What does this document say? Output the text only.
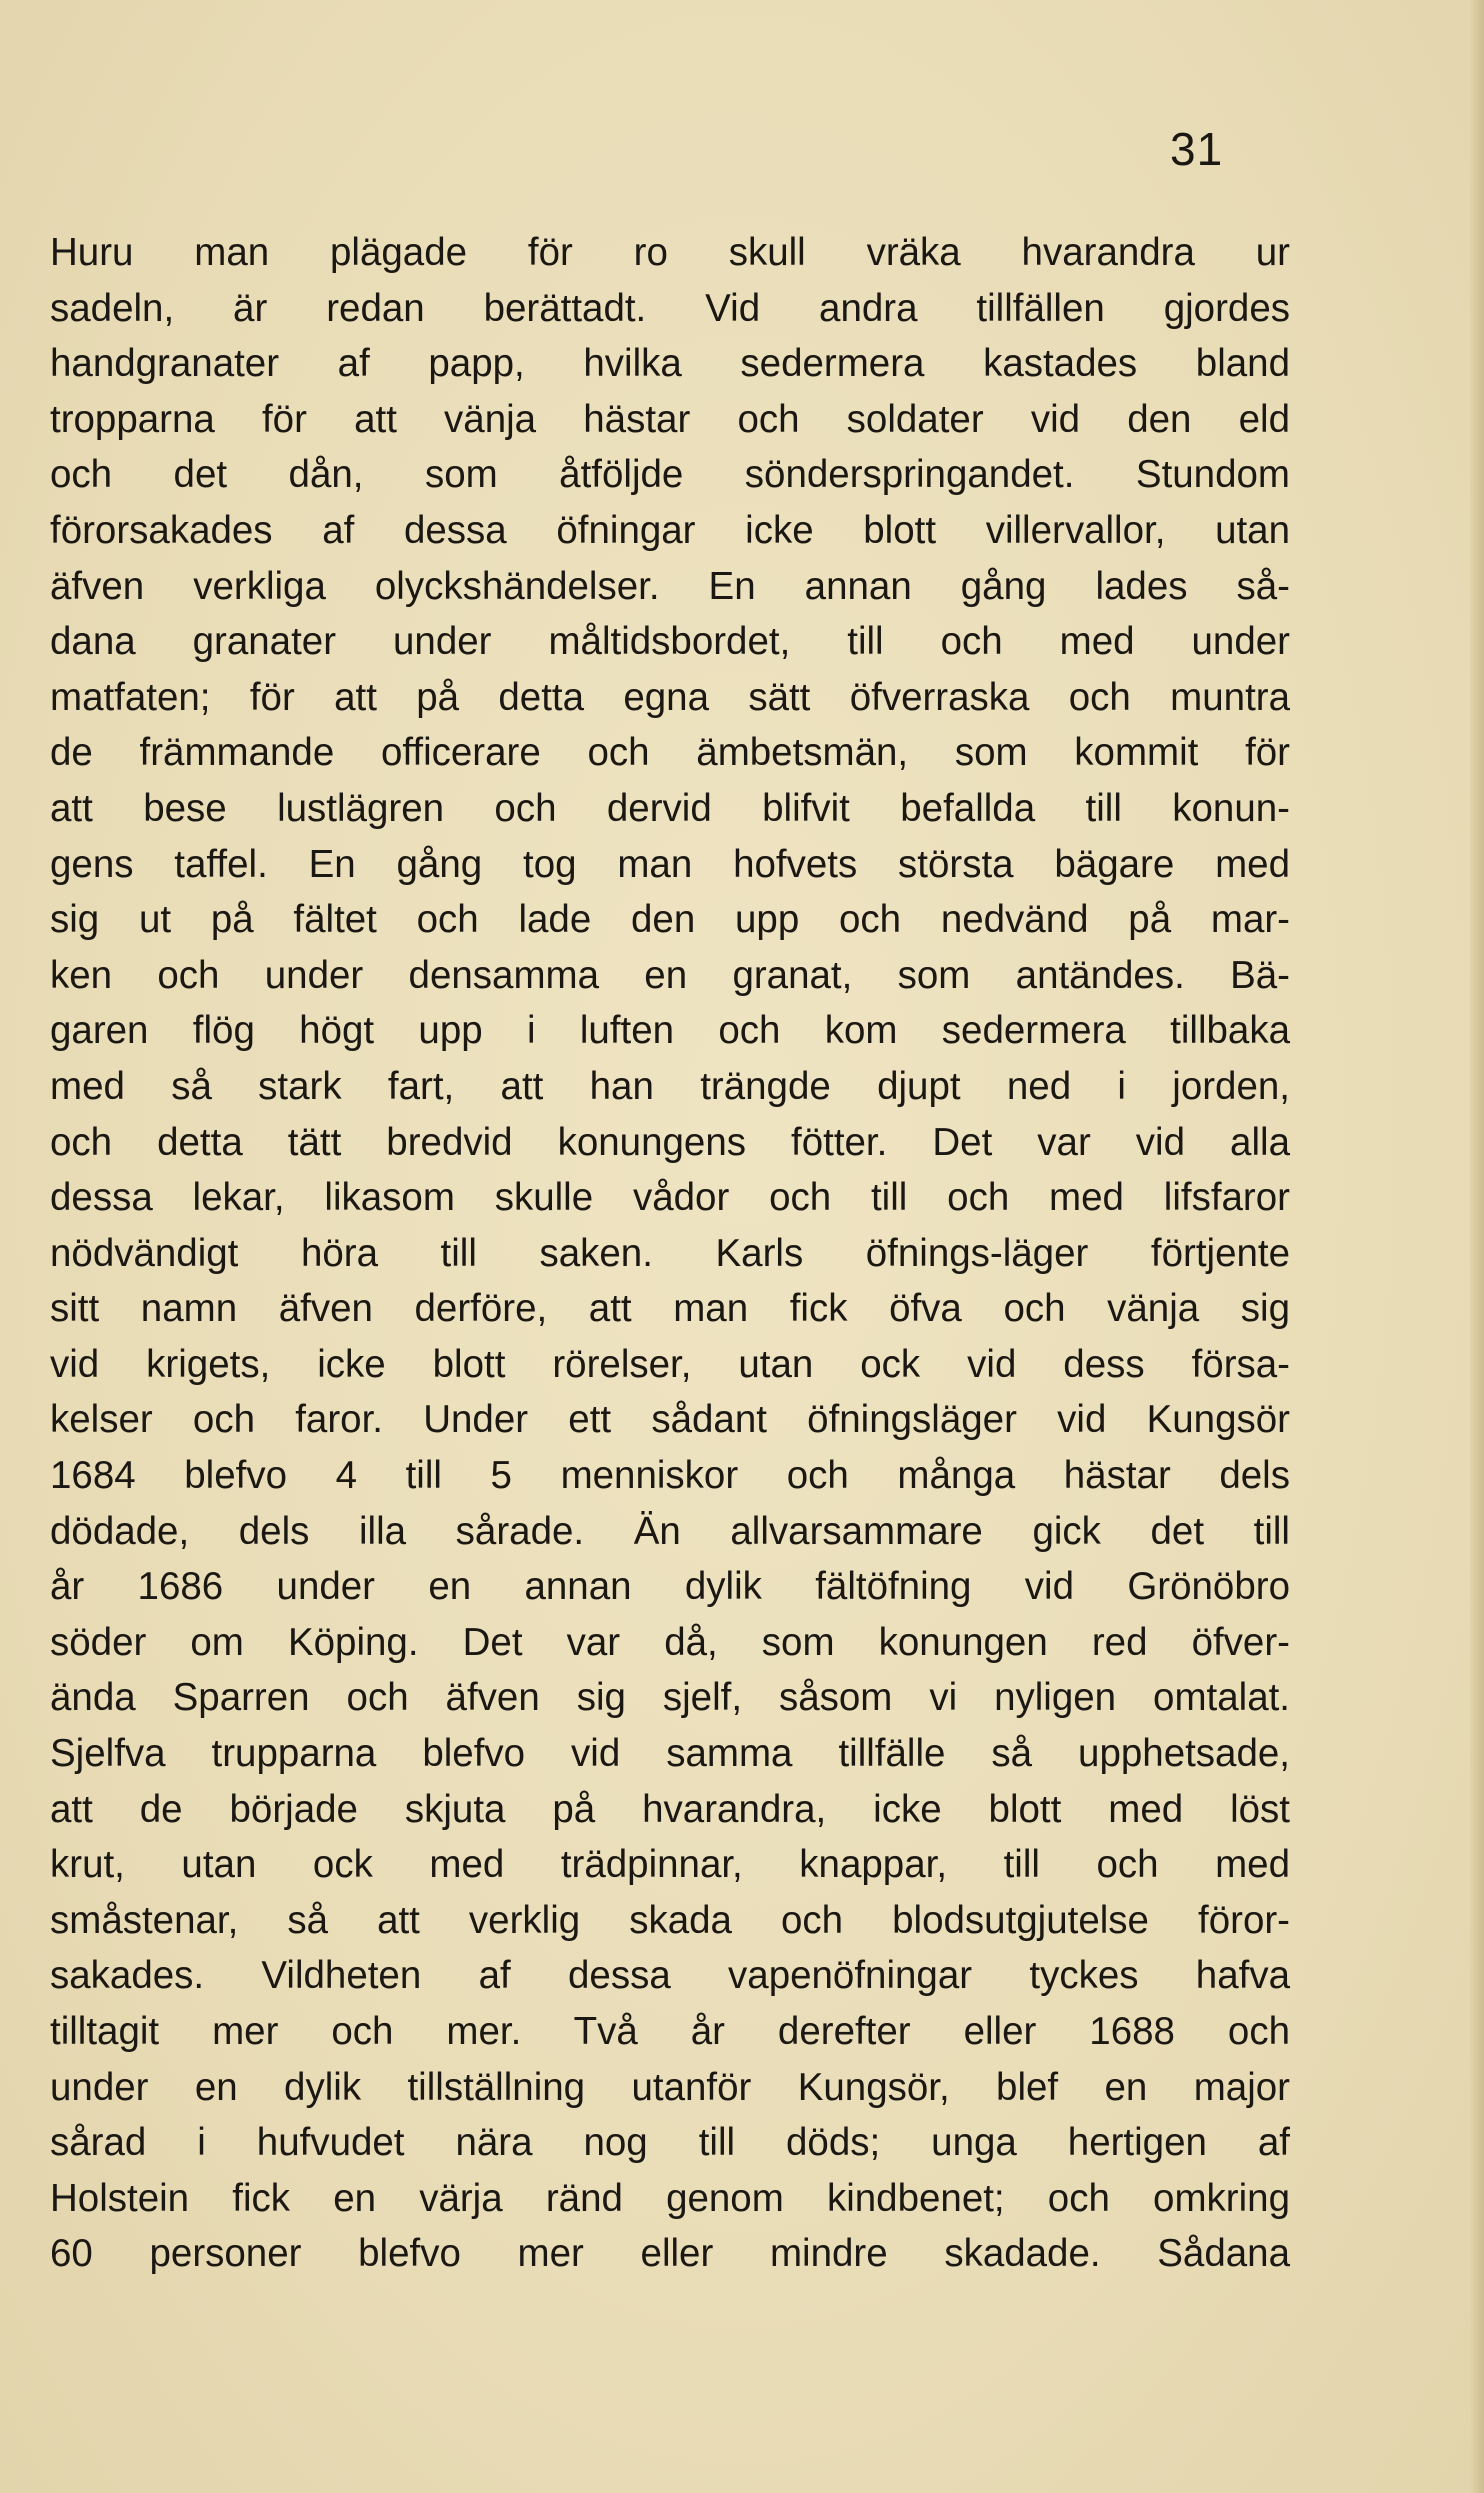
31
Huru man plägade för ro skull vräka hvarandra ur
sadeln, är redan berättadt. Vid andra tillfällen gjordes
handgranater af papp, hvilka sedermera kastades bland
tropparna för att vänja hästar och soldater vid den eld
och det dån, som åtföljde sönderspringandet. Stundom
förorsakades af dessa öfningar icke blott villervallor, utan
äfven verkliga olyckshändelser. En annan gång lades så-
dana granater under måltidsbordet, till och med under
matfaten; för att på detta egna sätt öfverraska och muntra
de främmande officerare och ämbetsmän, som kommit för
att bese lustlägren och dervid blifvit befallda till konun-
gens taffel. En gång tog man hofvets största bägare med
sig ut på fältet och lade den upp och nedvänd på mar-
ken och under densamma en granat, som antändes. Bä-
garen flög högt upp i luften och kom sedermera tillbaka
med så stark fart, att han trängde djupt ned i jorden,
och detta tätt bredvid konungens fötter. Det var vid alla
dessa lekar, likasom skulle vådor och till och med lifsfaror
nödvändigt höra till saken. Karls öfnings-läger förtjente
sitt namn äfven derföre, att man fick öfva och vänja sig
vid krigets, icke blott rörelser, utan ock vid dess försa-
kelser och faror. Under ett sådant öfningsläger vid Kungsör
1684 blefvo 4 till 5 menniskor och många hästar dels
dödade, dels illa sårade. Än allvarsammare gick det till
år 1686 under en annan dylik fältöfning vid Grönöbro
söder om Köping. Det var då, som konungen red öfver-
ända Sparren och äfven sig sjelf, såsom vi nyligen omtalat.
Sjelfva trupparna blefvo vid samma tillfälle så upphetsade,
att de började skjuta på hvarandra, icke blott med löst
krut, utan ock med trädpinnar, knappar, till och med
småstenar, så att verklig skada och blodsutgjutelse föror-
sakades. Vildheten af dessa vapenöfningar tyckes hafva
tilltagit mer och mer. Två år derefter eller 1688 och
under en dylik tillställning utanför Kungsör, blef en major
sårad i hufvudet nära nog till döds; unga hertigen af
Holstein fick en värja ränd genom kindbenet; och omkring
60 personer blefvo mer eller mindre skadade. Sådana
